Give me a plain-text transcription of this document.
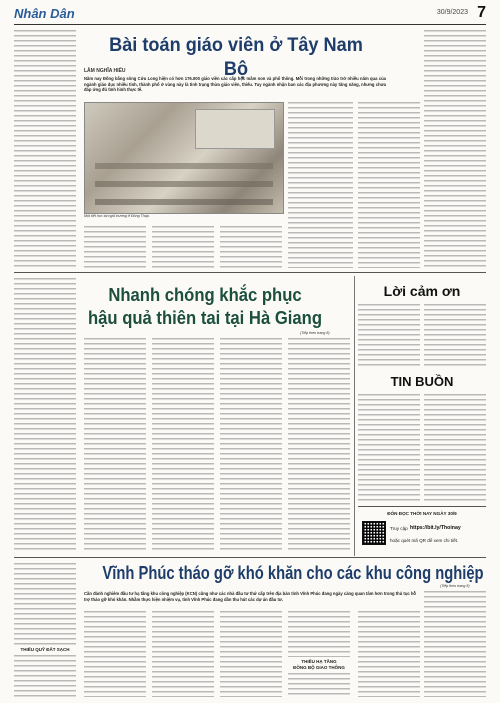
Nhân Dân	30/9/2023 7
Bài toán giáo viên ở Tây Nam Bộ
LÂM NGHĨA HIẾU
Năm nay Đồng bằng sông Cửu Long hiện có hơn 176.000 giáo viên các cấp học mầm non và phổ thông. Mỗi trong những trào trở nhiều năm qua của ngành giáo dục nhiều tỉnh, thành phố ở vùng này là tình trạng thừa giáo viên, thiếu. Tuy ngành nhận ban các địa phương này tăng năng, nhưng chưa đáp ứng đủ tình hình thực tế.
Một tiết học tại ngôi trường ở Đồng Tháp.
Nhanh chóng khắc phục
hậu quả thiên tai tại Hà Giang
(Tiếp theo trang 8)
Lời cảm ơn
TIN BUỒN
ĐÓN ĐỌC THỜI NAY NGÀY 30/9
Truy cập https://bit.ly/Thoinay
hoặc quét mã QR để xem chi tiết.
Vĩnh Phúc tháo gỡ khó khăn cho các khu công nghiệp
(Tiếp theo trang 8)
Cần đánh nghiêm đầu tư hạ tầng khu công nghiệp (KCN) cũng như các nhà đầu tư thứ cấp trên địa bàn tỉnh Vĩnh Phúc đang ngày càng quan tâm hơn trong thủ tục hỗ trợ tháo gỡ khó khăn. Nhằm thực hiện nhiệm vụ, tỉnh Vĩnh Phúc đang dần thu hút các dự án đầu tư.
THIẾU QUỸ ĐẤT SẠCH
THIẾU HẠ TẦNG
ĐỒNG BỘ GIAO THÔNG
